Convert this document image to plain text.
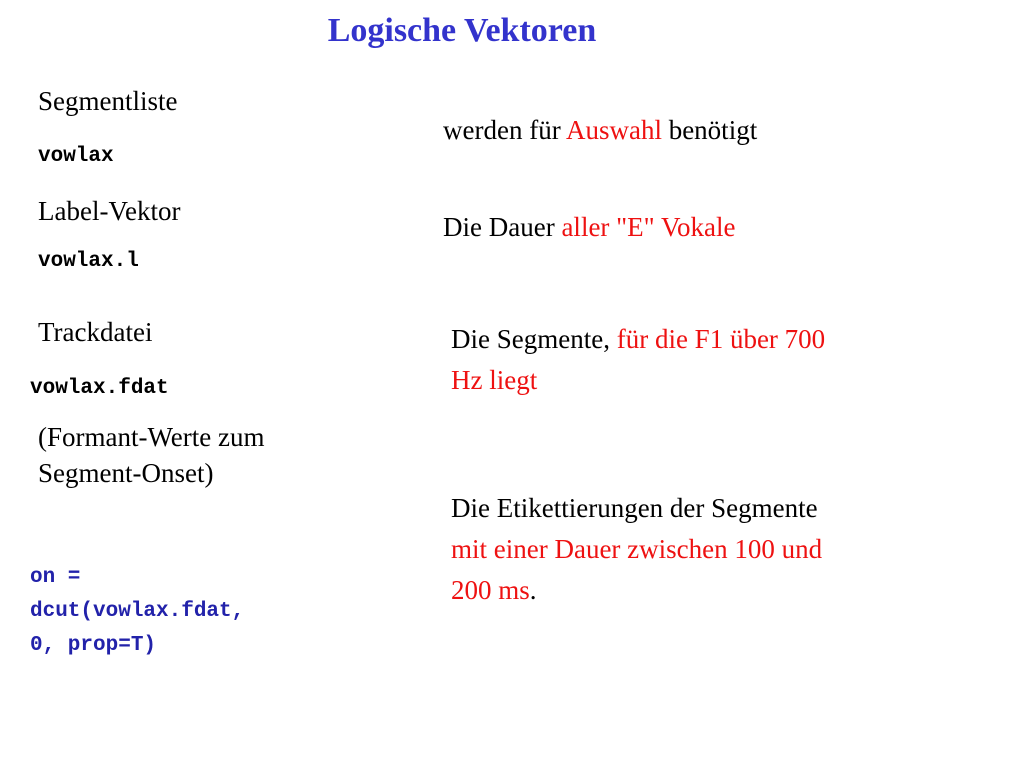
Logische Vektoren
Segmentliste
vowlax
Label-Vektor
vowlax.l
Trackdatei
vowlax.fdat
(Formant-Werte zum
Segment-Onset)
on =
dcut(vowlax.fdat,
0, prop=T)
werden für Auswahl benötigt
Die Dauer aller "E" Vokale
Die Segmente, für die F1 über 700
Hz liegt
Die Etikettierungen der Segmente
mit einer Dauer zwischen 100 und
200 ms.
